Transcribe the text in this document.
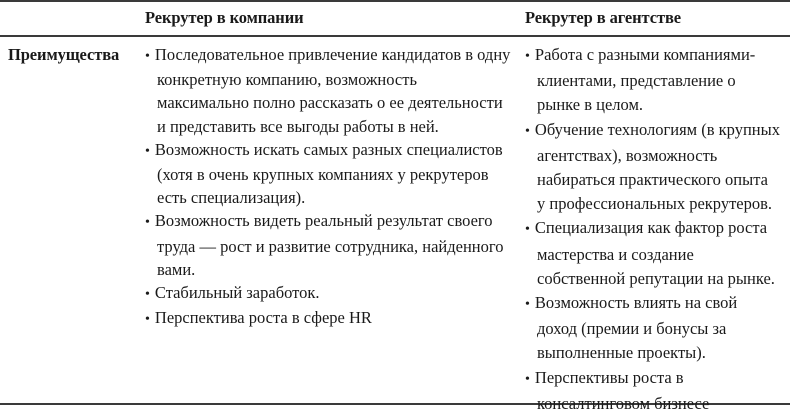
Рекрутер в компании	Рекрутер в агентстве
Преимущества	• Последовательное привлечение кандидатов в одну конкретную компанию, возможность максимально полно рассказать о ее деятельности и представить все выгоды работы в ней.
• Возможность искать самых разных специалистов (хотя в очень крупных компаниях у рекрутеров есть специализация).
• Возможность видеть реальный результат своего труда — рост и развитие сотрудника, найденного вами.
• Стабильный заработок.
• Перспектива роста в сфере HR
• Работа с разными компаниями-клиентами, представление о рынке в целом.
• Обучение технологиям (в крупных агентствах), возможность набираться практического опыта у профессиональных рекрутеров.
• Специализация как фактор роста мастерства и создание собственной репутации на рынке.
• Возможность влиять на свой доход (премии и бонусы за выполненные проекты).
• Перспективы роста в консалтинговом бизнесе
